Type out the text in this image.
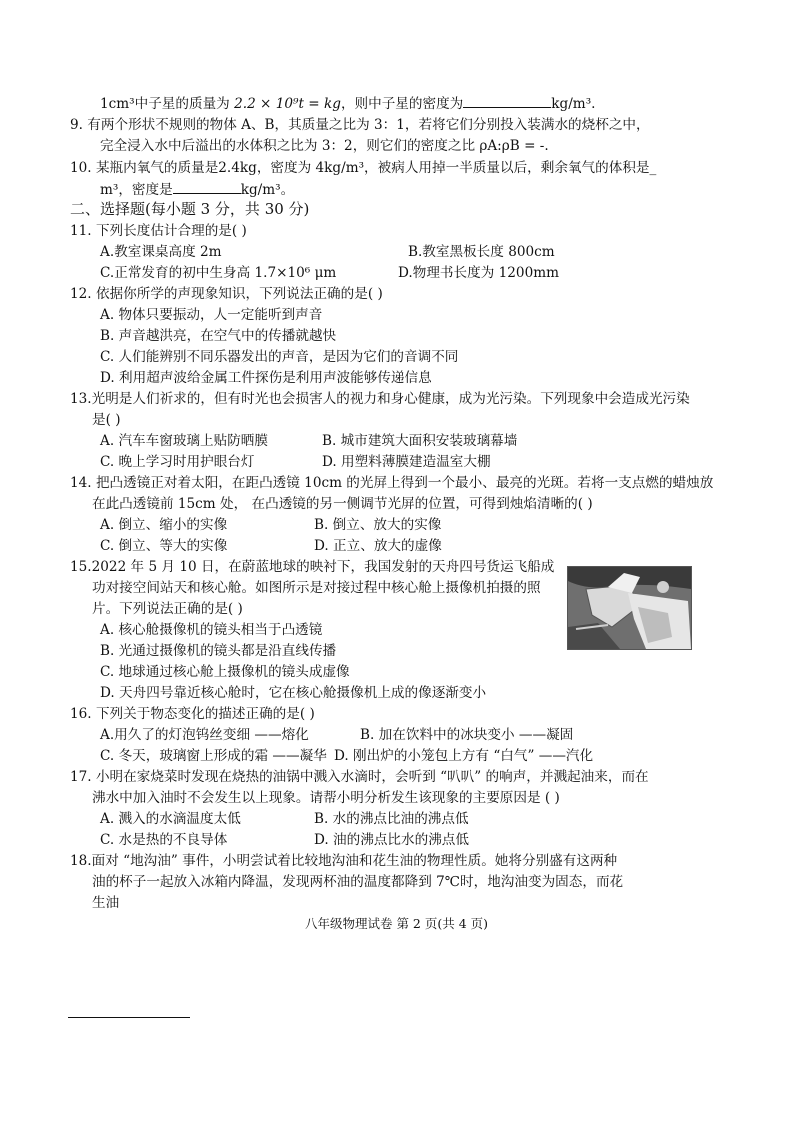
1cm³中子星的质量为 2.2 × 10⁹t = kg，则中子星的密度为	kg/m³.
9. 有两个形状不规则的物体 A、B，其质量之比为 3：1，若将它们分别投入装满水的烧杯之中，
完全浸入水中后溢出的水体积之比为 3：2，则它们的密度之比 ρA:ρB = -.
10. 某瓶内氧气的质量是2.4kg，密度为 4kg/m³，被病人用掉一半质量以后，剩余氧气的体积是_
m³，密度是	kg/m³。
二、选择题(每小题 3 分，共 30 分)
11. 下列长度估计合理的是( )
A.教室课桌高度 2m	B.教室黑板长度 800cm
C.正常发育的初中生身高 1.7×10⁶ μm	D.物理书长度为 1200mm
12. 依据你所学的声现象知识，下列说法正确的是( )
A. 物体只要振动，人一定能听到声音
B. 声音越洪亮，在空气中的传播就越快
C. 人们能辨别不同乐器发出的声音，是因为它们的音调不同
D. 利用超声波给金属工件探伤是利用声波能够传递信息
13.光明是人们祈求的，但有时光也会损害人的视力和身心健康，成为光污染。下列现象中会造成光污染
是( )
A. 汽车车窗玻璃上贴防晒膜	B. 城市建筑大面积安装玻璃幕墙
C. 晚上学习时用护眼台灯	D. 用塑料薄膜建造温室大棚
14. 把凸透镜正对着太阳，在距凸透镜 10cm 的光屏上得到一个最小、最亮的光斑。若将一支点燃的蜡烛放
在此凸透镜前 15cm 处， 在凸透镜的另一侧调节光屏的位置，可得到烛焰清晰的( )
A. 倒立、缩小的实像	B. 倒立、放大的实像
C. 倒立、等大的实像	D. 正立、放大的虚像
15.2022 年 5 月 10 日，在蔚蓝地球的映衬下，我国发射的天舟四号货运飞船成
功对接空间站天和核心舱。如图所示是对接过程中核心舱上摄像机拍摄的照
片。下列说法正确的是( )
A. 核心舱摄像机的镜头相当于凸透镜
B. 光通过摄像机的镜头都是沿直线传播
C. 地球通过核心舱上摄像机的镜头成虚像
D. 天舟四号靠近核心舱时，它在核心舱摄像机上成的像逐渐变小
16. 下列关于物态变化的描述正确的是( )
A.用久了的灯泡钨丝变细 ——熔化	B. 加在饮料中的冰块变小 ——凝固
C. 冬天，玻璃窗上形成的霜 ——凝华 D. 刚出炉的小笼包上方有 “白气” ——汽化
17. 小明在家烧菜时发现在烧热的油锅中溅入水滴时，会听到 “叭叭” 的响声，并溅起油来，而在
沸水中加入油时不会发生以上现象。请帮小明分析发生该现象的主要原因是 ( )
A. 溅入的水滴温度太低	B. 水的沸点比油的沸点低
C. 水是热的不良导体	D. 油的沸点比水的沸点低
18.面对 “地沟油” 事件，小明尝试着比较地沟油和花生油的物理性质。她将分别盛有这两种
油的杯子一起放入冰箱内降温，发现两杯油的温度都降到 7℃时，地沟油变为固态，而花
生油
八年级物理试卷 第 2 页(共 4 页)
